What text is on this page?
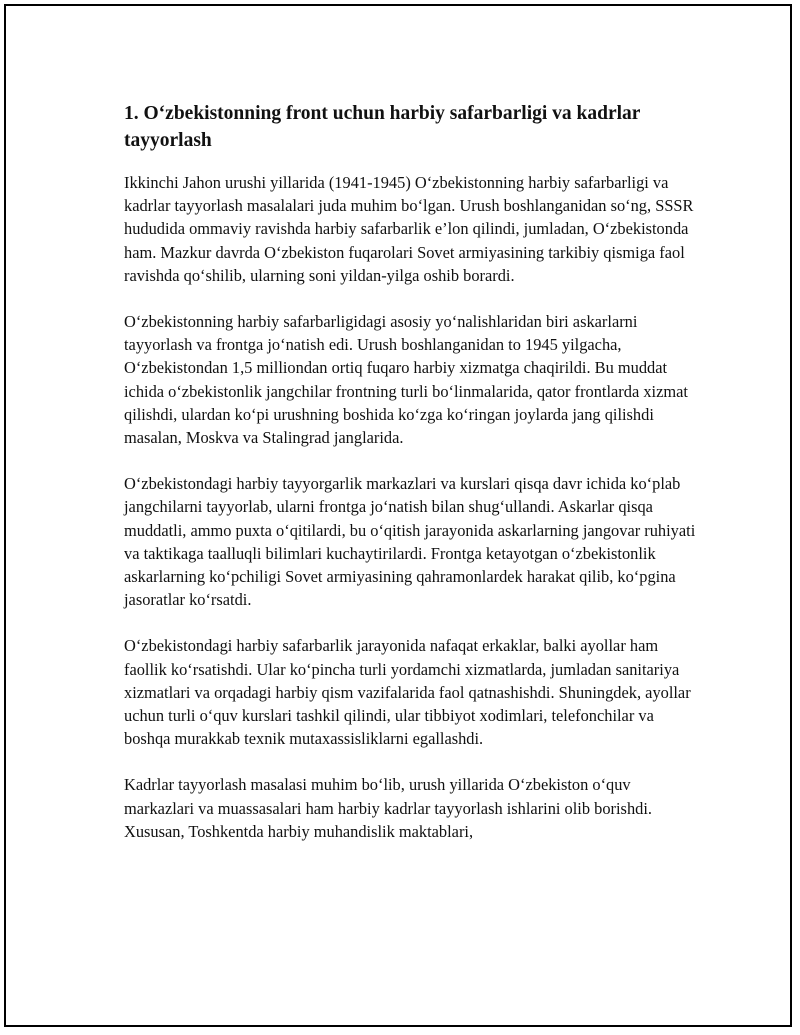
1. O‘zbekistonning front uchun harbiy safarbarligi va kadrlar tayyorlash

Ikkinchi Jahon urushi yillarida (1941-1945) O‘zbekistonning harbiy safarbarligi va kadrlar tayyorlash masalalari juda muhim bo‘lgan. Urush boshlanganidan so‘ng, SSSR hududida ommaviy ravishda harbiy safarbarlik e’lon qilindi, jumladan, O‘zbekistonda ham. Mazkur davrda O‘zbekiston fuqarolari Sovet armiyasining tarkibiy qismiga faol ravishda qo‘shilib, ularning soni yildan-yilga oshib borardi.

O‘zbekistonning harbiy safarbarligidagi asosiy yo‘nalishlaridan biri askarlarni tayyorlash va frontga jo‘natish edi. Urush boshlanganidan to 1945 yilgacha, O‘zbekistondan 1,5 milliondan ortiq fuqaro harbiy xizmatga chaqirildi. Bu muddat ichida o‘zbekistonlik jangchilar frontning turli bo‘linmalarida, qator frontlarda xizmat qilishdi, ulardan ko‘pi urushning boshida ko‘zga ko‘ringan joylarda jang qilishdi masalan, Moskva va Stalingrad janglarida.

O‘zbekistondagi harbiy tayyorgarlik markazlari va kurslari qisqa davr ichida ko‘plab jangchilarni tayyorlab, ularni frontga jo‘natish bilan shug‘ullandi. Askarlar qisqa muddatli, ammo puxta o‘qitilardi, bu o‘qitish jarayonida askarlarning jangovar ruhiyati va taktikaga taalluqli bilimlari kuchaytirilardi. Frontga ketayotgan o‘zbekistonlik askarlarning ko‘pchiligi Sovet armiyasining qahramonlardek harakat qilib, ko‘pgina jasoratlar ko‘rsatdi.

O‘zbekistondagi harbiy safarbarlik jarayonida nafaqat erkaklar, balki ayollar ham faollik ko‘rsatishdi. Ular ko‘pincha turli yordamchi xizmatlarda, jumladan sanitariya xizmatlari va orqadagi harbiy qism vazifalarida faol qatnashishdi. Shuningdek, ayollar uchun turli o‘quv kurslari tashkil qilindi, ular tibbiyot xodimlari, telefonchilar va boshqa murakkab texnik mutaxassisliklarni egallashdi.

Kadrlar tayyorlash masalasi muhim bo‘lib, urush yillarida O‘zbekiston o‘quv markazlari va muassasalari ham harbiy kadrlar tayyorlash ishlarini olib borishdi. Xususan, Toshkentda harbiy muhandislik maktablari,
